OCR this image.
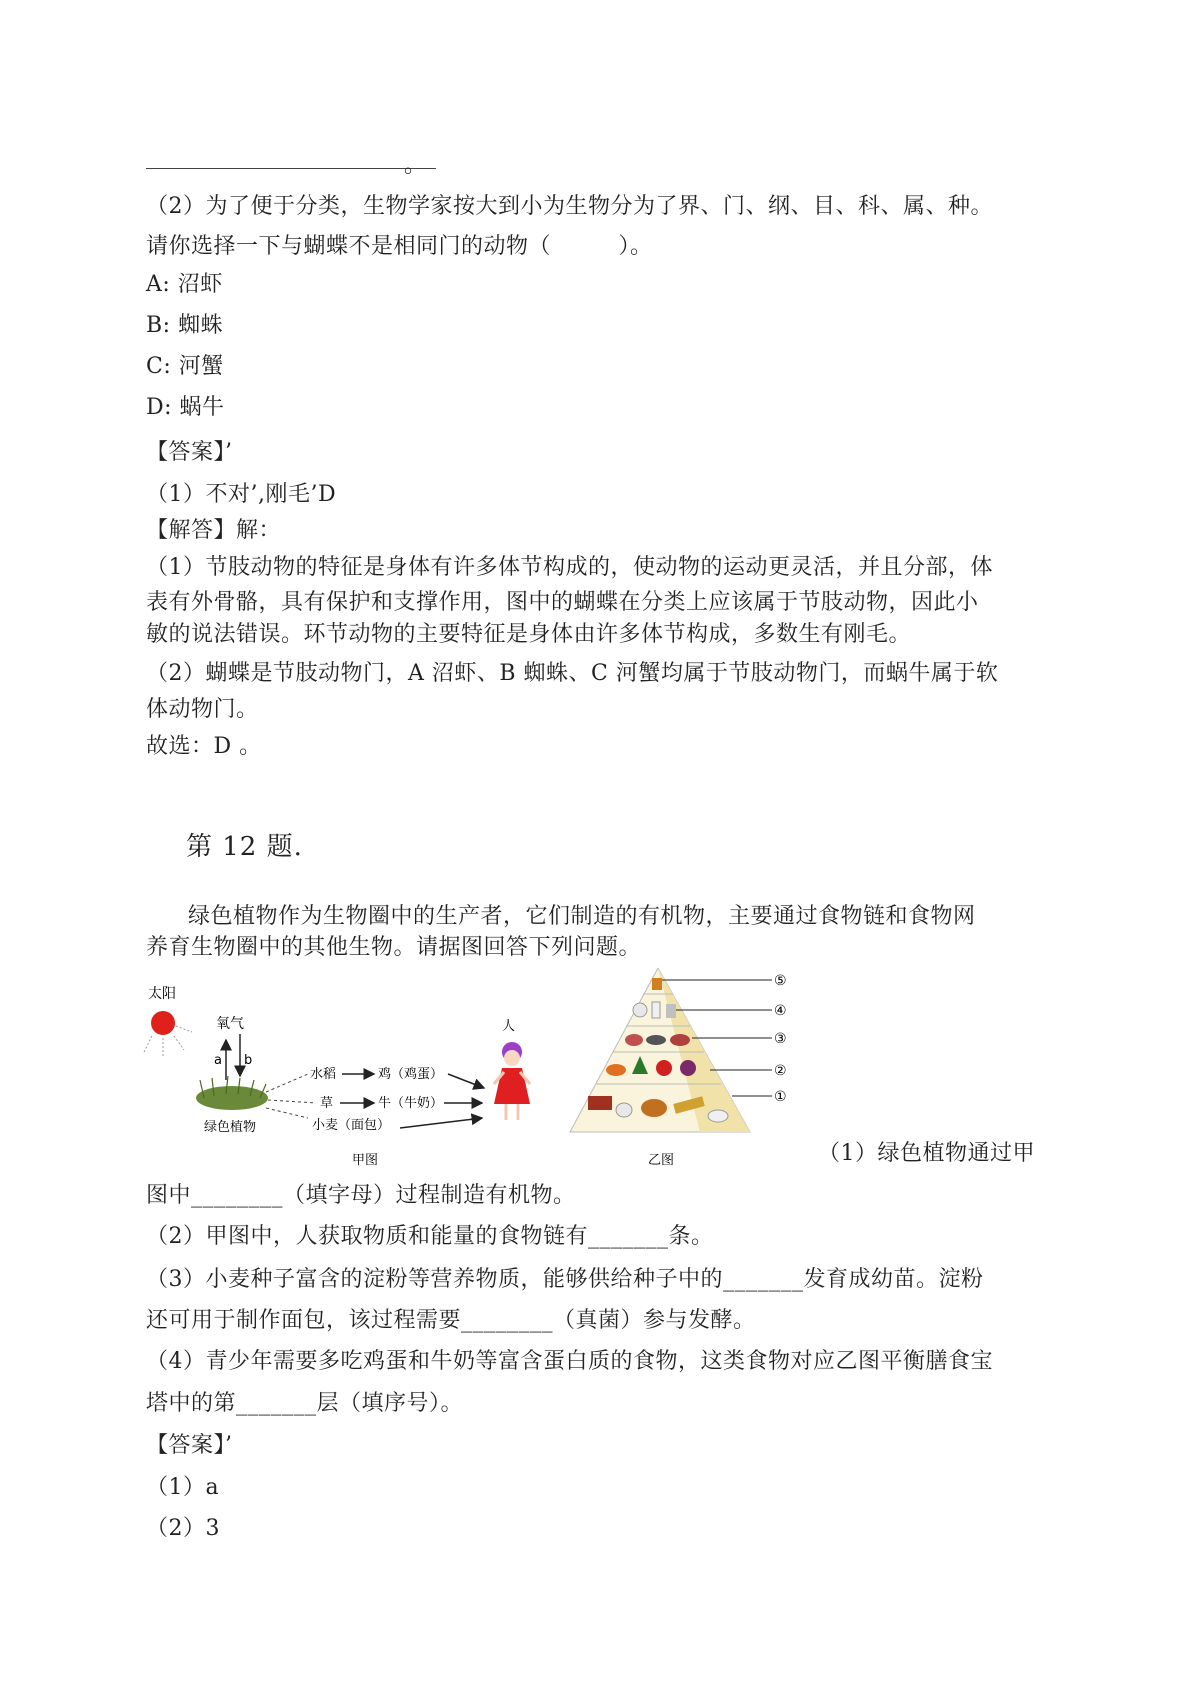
。
（2）为了便于分类，生物学家按大到小为生物分为了界、门、纲、目、科、属、种。
请你选择一下与蝴蝶不是相同门的动物（　　　）。
A: 沼虾
B: 蜘蛛
C: 河蟹
D: 蜗牛
【答案】’
（1）不对’,刚毛’D
【解答】解：
（1）节肢动物的特征是身体有许多体节构成的，使动物的运动更灵活，并且分部，体
表有外骨骼，具有保护和支撑作用，图中的蝴蝶在分类上应该属于节肢动物，因此小
敏的说法错误。环节动物的主要特征是身体由许多体节构成，多数生有刚毛。
（2）蝴蝶是节肢动物门，A 沼虾、B 蜘蛛、C 河蟹均属于节肢动物门，而蜗牛属于软
体动物门。
故选：D 。
第 12 题.
绿色植物作为生物圈中的生产者，它们制造的有机物，主要通过食物链和食物网
养育生物圈中的其他生物。请据图回答下列问题。
太阳
氧气
a b
绿色植物
水稻	鸡（鸡蛋）
草	牛（牛奶）
小麦（面包）
人
甲图
⑤
④
③
②
①
乙图	（1）绿色植物通过甲
图中________（填字母）过程制造有机物。
（2）甲图中，人获取物质和能量的食物链有_______条。
（3）小麦种子富含的淀粉等营养物质，能够供给种子中的_______发育成幼苗。淀粉
还可用于制作面包，该过程需要________（真菌）参与发酵。
（4）青少年需要多吃鸡蛋和牛奶等富含蛋白质的食物，这类食物对应乙图平衡膳食宝
塔中的第_______层（填序号）。
【答案】’
（1）a
（2）3
